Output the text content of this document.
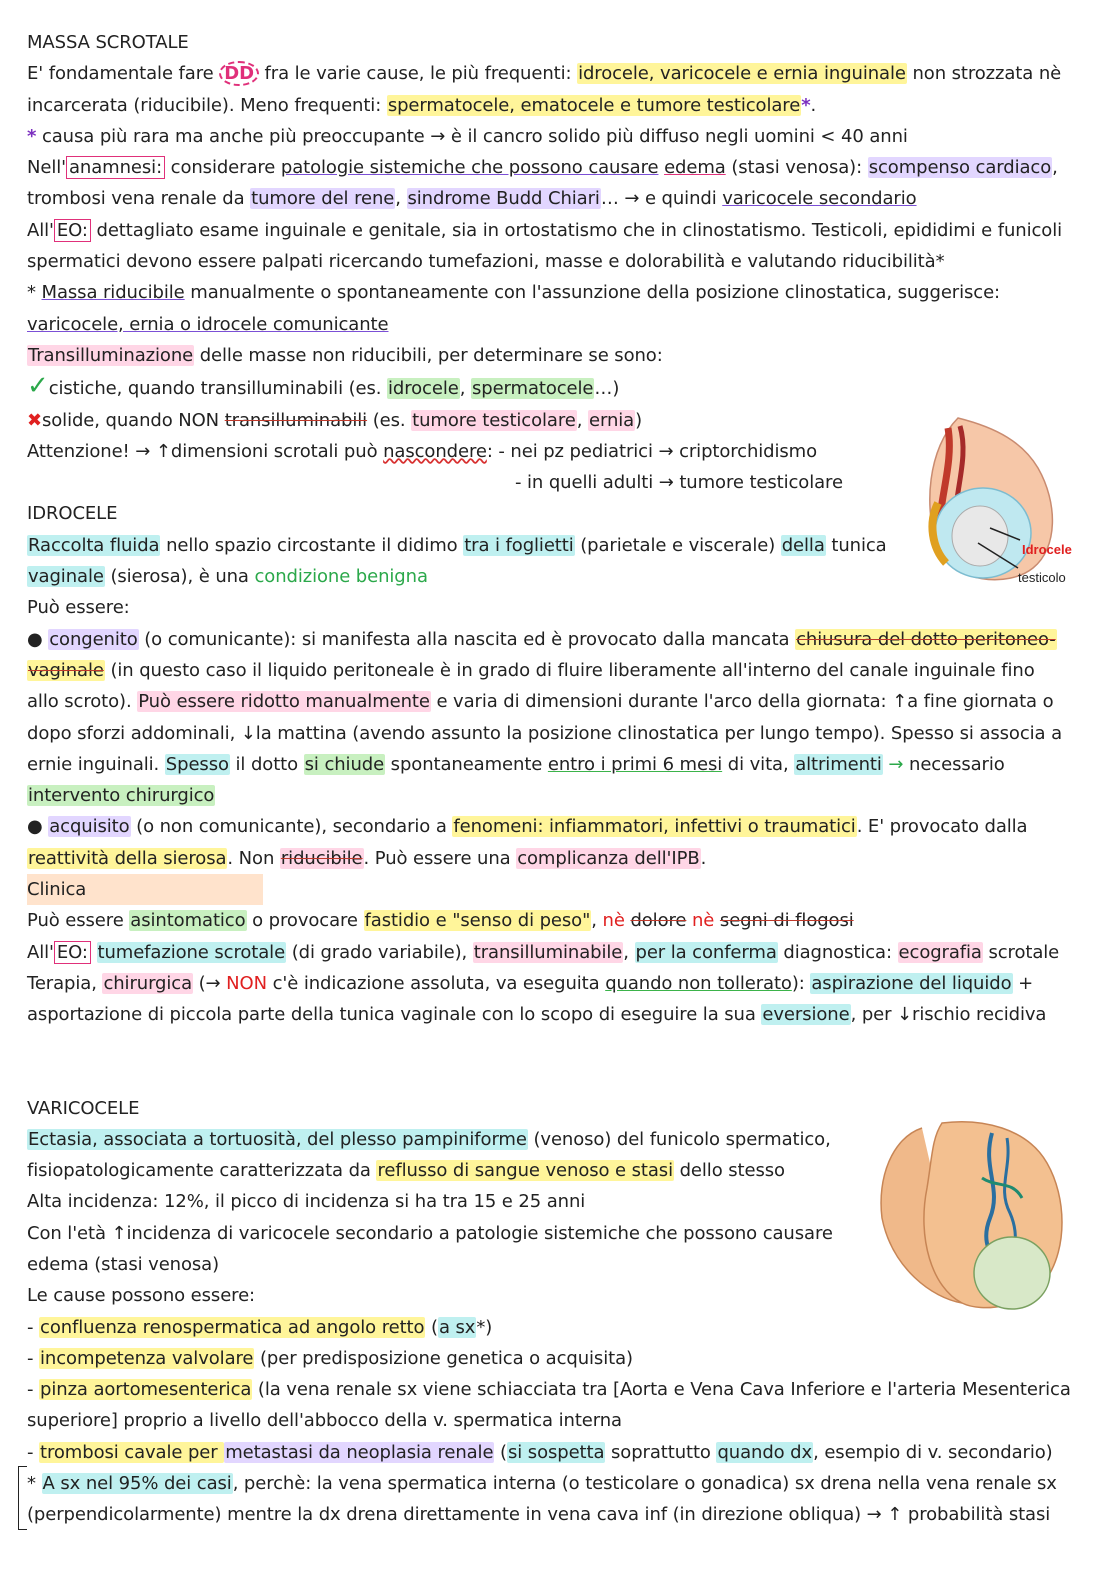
MASSA SCROTALE
E' fondamentale fare DD fra le varie cause, le più frequenti: idrocele, varicocele e ernia inguinale non strozzata nè
incarcerata (riducibile). Meno frequenti: spermatocele, ematocele e tumore testicolare*.
* causa più rara ma anche più preoccupante → è il cancro solido più diffuso negli uomini < 40 anni
Nell' anamnesi: considerare patologie sistemiche che possono causare edema (stasi venosa): scompenso cardiaco,
trombosi vena renale da tumore del rene, sindrome Budd Chiari… → e quindi varicocele secondario
All' EO: dettagliato esame inguinale e genitale, sia in ortostatismo che in clinostatismo. Testicoli, epididimi e funicoli
spermatici devono essere palpati ricercando tumefazioni, masse e dolorabilità e valutando riducibilità*
* Massa riducibile manualmente o spontaneamente con l'assunzione della posizione clinostatica, suggerisce:
varicocele, ernia o idrocele comunicante
Transilluminazione delle masse non riducibili, per determinare se sono:
✓cistiche, quando transilluminabili (es. idrocele, spermatocele…)
✖solide, quando NON transilluminabili (es. tumore testicolare, ernia)
Attenzione! → ↑dimensioni scrotali può nascondere: - nei pz pediatrici → criptorchidismo
- in quelli adulti → tumore testicolare
IDROCELE
Raccolta fluida nello spazio circostante il didimo tra i foglietti (parietale e viscerale) della tunica
vaginale (sierosa), è una condizione benigna
Può essere:
● congenito (o comunicante): si manifesta alla nascita ed è provocato dalla mancata chiusura del dotto peritoneo-
vaginale (in questo caso il liquido peritoneale è in grado di fluire liberamente all'interno del canale inguinale fino
allo scroto). Può essere ridotto manualmente e varia di dimensioni durante l'arco della giornata: ↑a fine giornata o
dopo sforzi addominali, ↓la mattina (avendo assunto la posizione clinostatica per lungo tempo). Spesso si associa a
ernie inguinali. Spesso il dotto si chiude spontaneamente entro i primi 6 mesi di vita, altrimenti → necessario
intervento chirurgico
● acquisito (o non comunicante), secondario a fenomeni: infiammatori, infettivi o traumatici. E' provocato dalla
reattività della sierosa. Non riducibile. Può essere una complicanza dell'IPB.
Clinica
Può essere asintomatico o provocare fastidio e "senso di peso", nè dolore nè segni di flogosi
All' EO: tumefazione scrotale (di grado variabile), transilluminabile, per la conferma diagnostica: ecografia scrotale
Terapia, chirurgica (→ NON c'è indicazione assoluta, va eseguita quando non tollerato): aspirazione del liquido +
asportazione di piccola parte della tunica vaginale con lo scopo di eseguire la sua eversione, per ↓rischio recidiva
VARICOCELE
Ectasia, associata a tortuosità, del plesso pampiniforme (venoso) del funicolo spermatico,
fisiopatologicamente caratterizzata da reflusso di sangue venoso e stasi dello stesso
Alta incidenza: 12%, il picco di incidenza si ha tra 15 e 25 anni
Con l'età ↑incidenza di varicocele secondario a patologie sistemiche che possono causare
edema (stasi venosa)
Le cause possono essere:
- confluenza renospermatica ad angolo retto (a sx*)
- incompetenza valvolare (per predisposizione genetica o acquisita)
- pinza aortomesenterica (la vena renale sx viene schiacciata tra [Aorta e Vena Cava Inferiore e l'arteria Mesenterica
superiore] proprio a livello dell'abbocco della v. spermatica interna
- trombosi cavale per metastasi da neoplasia renale (si sospetta soprattutto quando dx, esempio di v. secondario)
* A sx nel 95% dei casi, perchè: la vena spermatica interna (o testicolare o gonadica) sx drena nella vena renale sx
(perpendicolarmente) mentre la dx drena direttamente in vena cava inf (in direzione obliqua) → ↑ probabilità stasi
Idrocele
testicolo
